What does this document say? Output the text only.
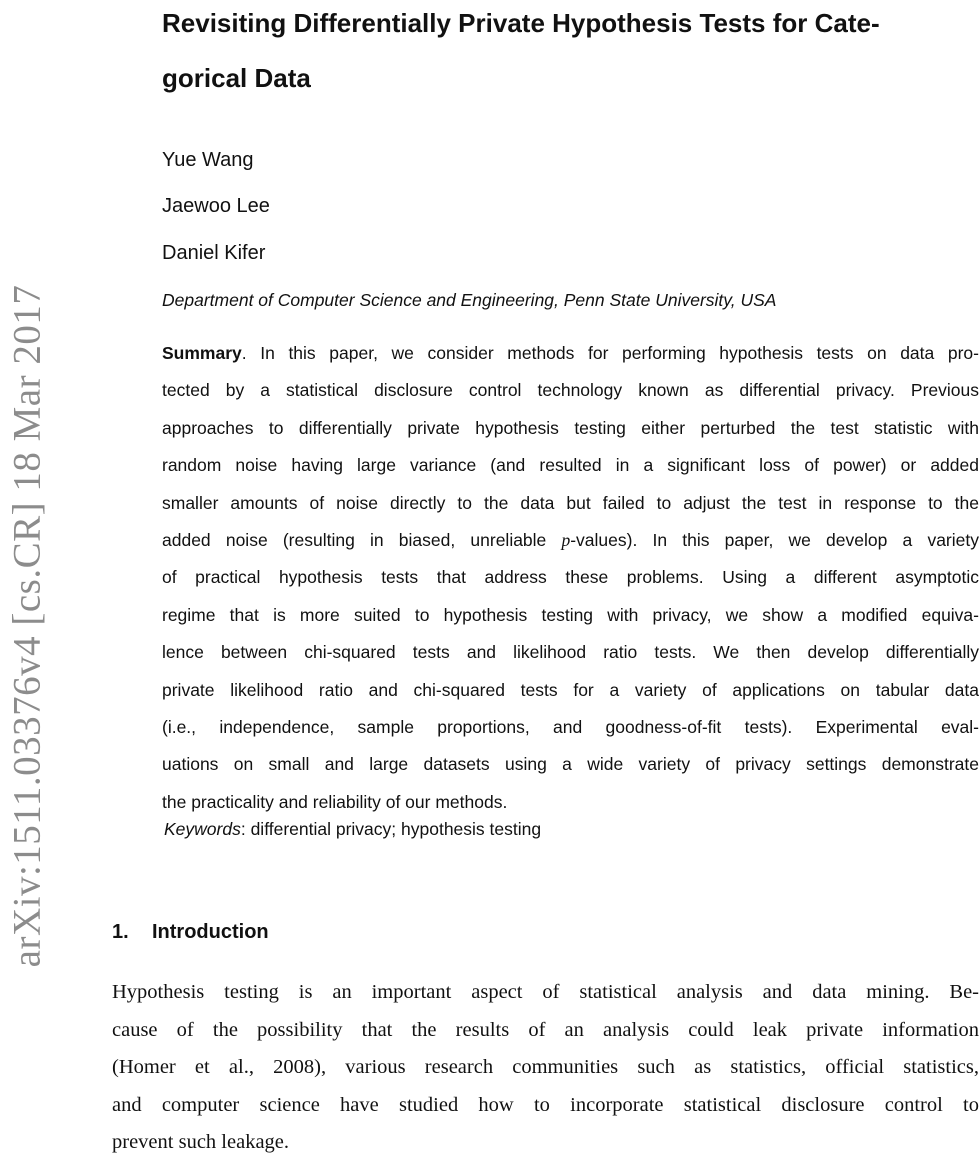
arXiv:1511.03376v4 [cs.CR] 18 Mar 2017
Revisiting Differentially Private Hypothesis Tests for Cate-
gorical Data
Yue Wang
Jaewoo Lee
Daniel Kifer
Department of Computer Science and Engineering, Penn State University, USA
Summary. In this paper, we consider methods for performing hypothesis tests on data pro-
tected by a statistical disclosure control technology known as differential privacy. Previous
approaches to differentially private hypothesis testing either perturbed the test statistic with
random noise having large variance (and resulted in a significant loss of power) or added
smaller amounts of noise directly to the data but failed to adjust the test in response to the
added noise (resulting in biased, unreliable p-values). In this paper, we develop a variety
of practical hypothesis tests that address these problems. Using a different asymptotic
regime that is more suited to hypothesis testing with privacy, we show a modified equiva-
lence between chi-squared tests and likelihood ratio tests. We then develop differentially
private likelihood ratio and chi-squared tests for a variety of applications on tabular data
(i.e., independence, sample proportions, and goodness-of-fit tests). Experimental eval-
uations on small and large datasets using a wide variety of privacy settings demonstrate
the practicality and reliability of our methods.
Keywords: differential privacy; hypothesis testing
1. Introduction
Hypothesis testing is an important aspect of statistical analysis and data mining. Be-
cause of the possibility that the results of an analysis could leak private information
(Homer et al., 2008), various research communities such as statistics, official statistics,
and computer science have studied how to incorporate statistical disclosure control to
prevent such leakage.
